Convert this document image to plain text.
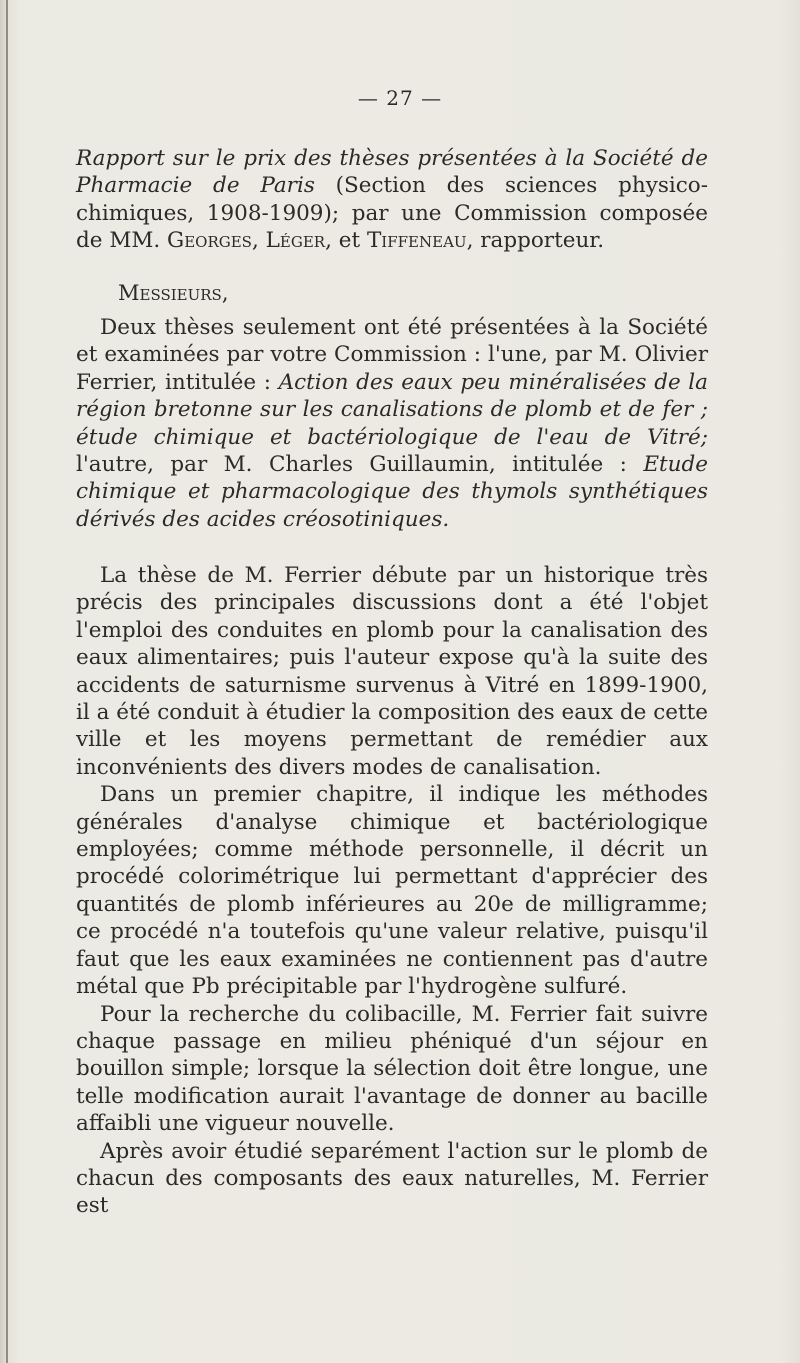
— 27 —

Rapport sur le prix des thèses présentées à la Société de Pharmacie de Paris (Section des sciences physico-chimiques, 1908-1909); par une Commission composée de MM. Georges, Léger, et Tiffeneau, rapporteur.

Messieurs,

Deux thèses seulement ont été présentées à la Société et examinées par votre Commission : l'une, par M. Olivier Ferrier, intitulée : Action des eaux peu minéralisées de la région bretonne sur les canalisations de plomb et de fer ; étude chimique et bactériologique de l'eau de Vitré; l'autre, par M. Charles Guillaumin, intitulée : Etude chimique et pharmacologique des thymols synthétiques dérivés des acides créosotiniques.

La thèse de M. Ferrier débute par un historique très précis des principales discussions dont a été l'objet l'emploi des conduites en plomb pour la canalisation des eaux alimentaires; puis l'auteur expose qu'à la suite des accidents de saturnisme survenus à Vitré en 1899-1900, il a été conduit à étudier la composition des eaux de cette ville et les moyens permettant de remédier aux inconvénients des divers modes de canalisation.

Dans un premier chapitre, il indique les méthodes générales d'analyse chimique et bactériologique employées; comme méthode personnelle, il décrit un procédé colorimétrique lui permettant d'apprécier des quantités de plomb inférieures au 20e de milligramme; ce procédé n'a toutefois qu'une valeur relative, puisqu'il faut que les eaux examinées ne contiennent pas d'autre métal que Pb précipitable par l'hydrogène sulfuré.

Pour la recherche du colibacille, M. Ferrier fait suivre chaque passage en milieu phéniqué d'un séjour en bouillon simple; lorsque la sélection doit être longue, une telle modification aurait l'avantage de donner au bacille affaibli une vigueur nouvelle.

Après avoir étudié separément l'action sur le plomb de chacun des composants des eaux naturelles, M. Ferrier est
